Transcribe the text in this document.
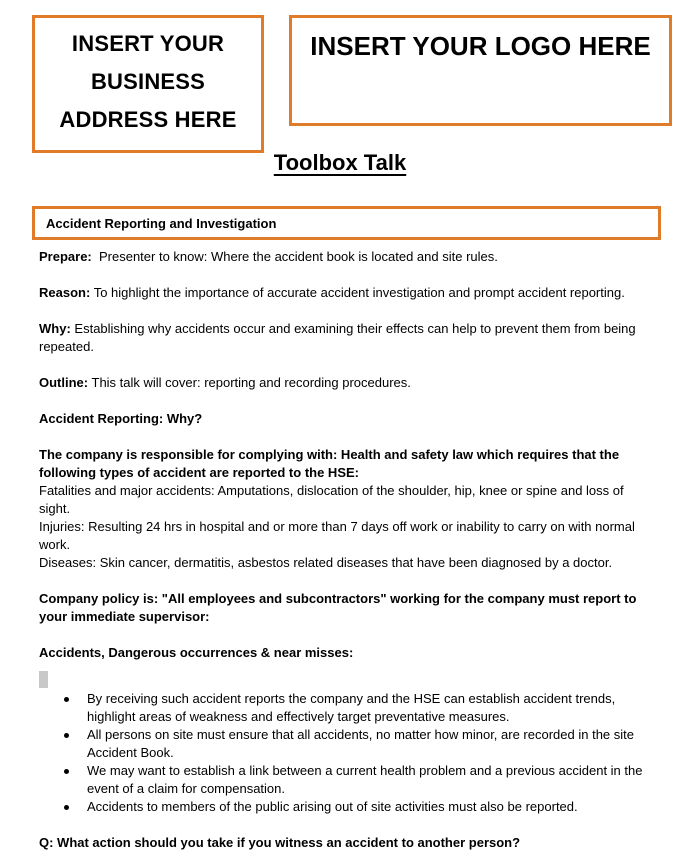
INSERT YOUR
BUSINESS
ADDRESS HERE
INSERT YOUR LOGO HERE
Toolbox Talk
Accident Reporting and Investigation

Prepare: Presenter to know: Where the accident book is located and site rules.

Reason: To highlight the importance of accurate accident investigation and prompt accident reporting.

Why: Establishing why accidents occur and examining their effects can help to prevent them from being repeated.

Outline: This talk will cover: reporting and recording procedures.

Accident Reporting: Why?

The company is responsible for complying with: Health and safety law which requires that the following types of accident are reported to the HSE:

Fatalities and major accidents: Amputations, dislocation of the shoulder, hip, knee or spine and loss of sight.

Injuries: Resulting 24 hrs in hospital and or more than 7 days off work or inability to carry on with normal work.

Diseases: Skin cancer, dermatitis, asbestos related diseases that have been diagnosed by a doctor.

Company policy is: "All employees and subcontractors" working for the company must report to your immediate supervisor:

Accidents, Dangerous occurrences & near misses:

By receiving such accident reports the company and the HSE can establish accident trends, highlight areas of weakness and effectively target preventative measures.
All persons on site must ensure that all accidents, no matter how minor, are recorded in the site Accident Book.
We may want to establish a link between a current health problem and a previous accident in the event of a claim for compensation.
Accidents to members of the public arising out of site activities must also be reported.

Q: What action should you take if you witness an accident to another person?
